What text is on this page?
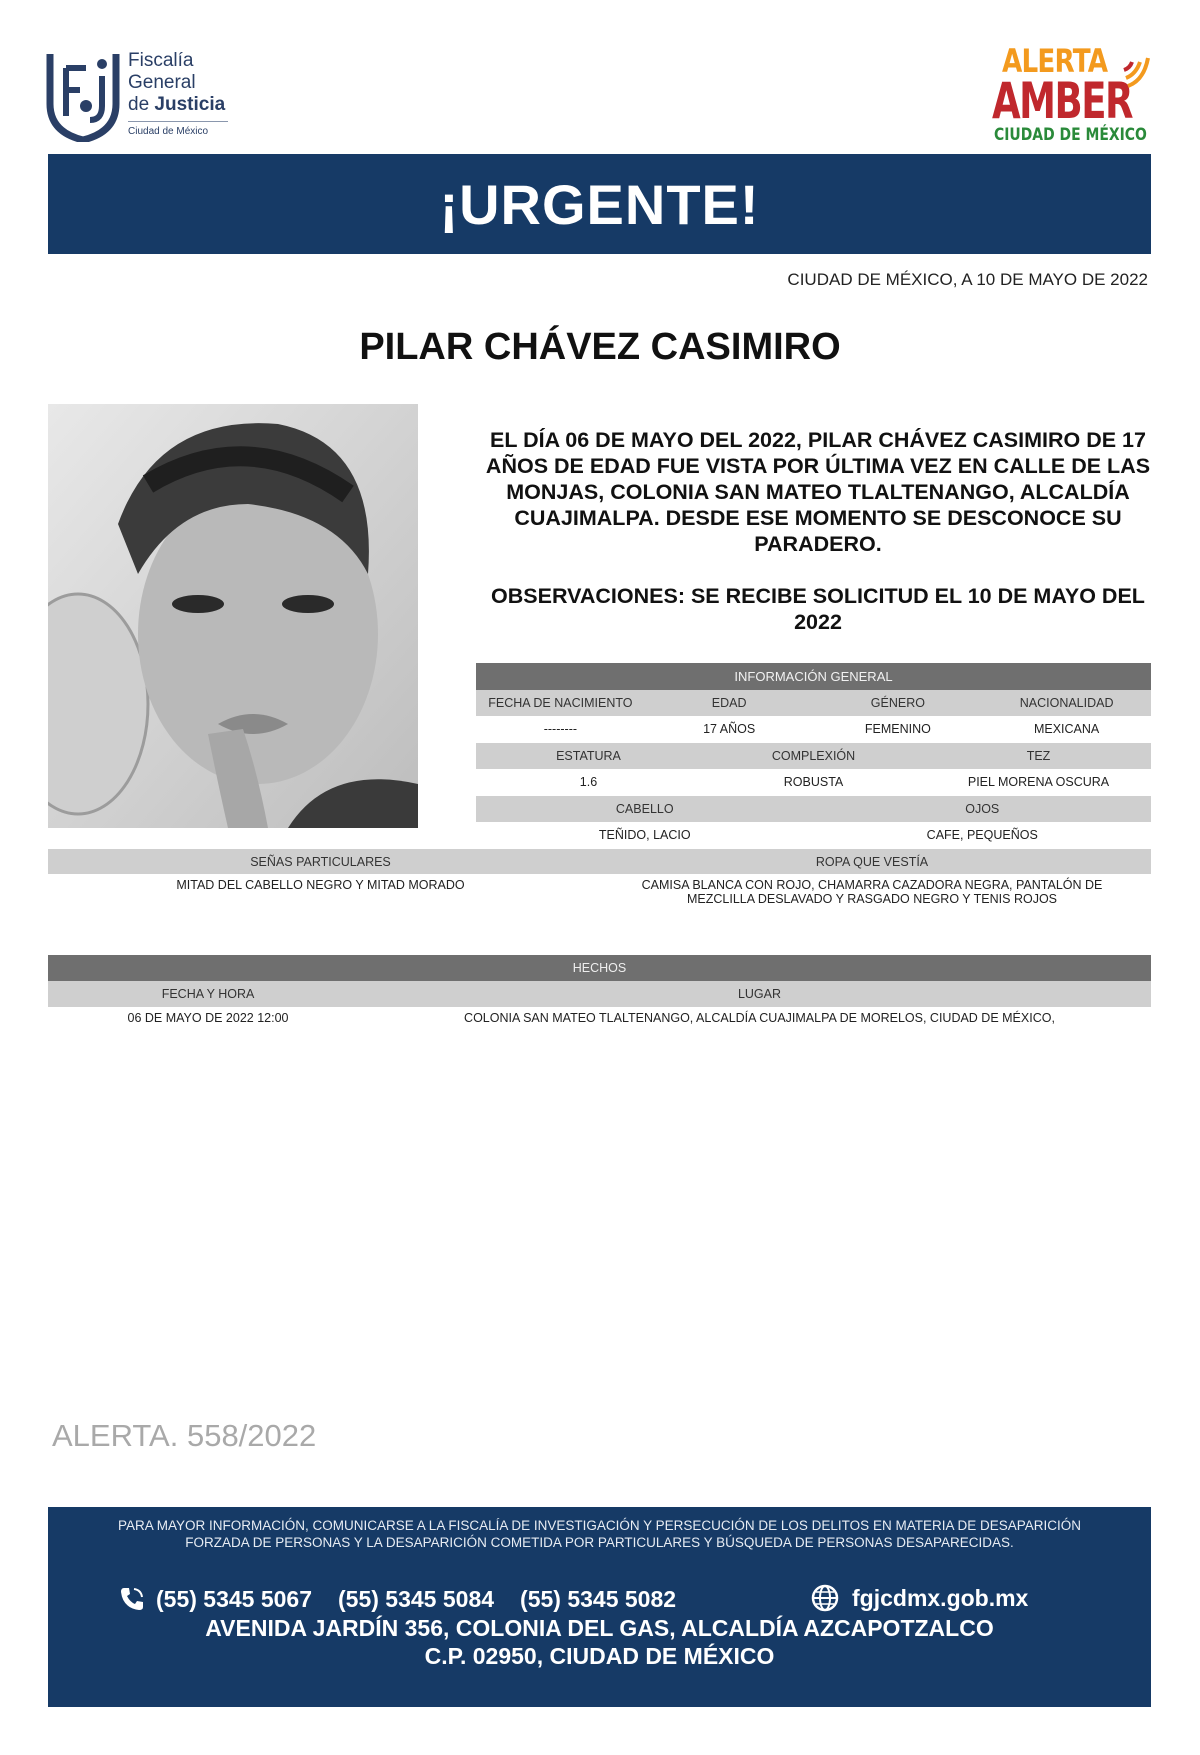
Fiscalía
General
de Justicia
Ciudad de México
ALERTA
AMBER
CIUDAD DE MÉXICO
¡URGENTE!
CIUDAD DE MÉXICO, A 10 DE MAYO DE 2022
PILAR CHÁVEZ CASIMIRO
EL DÍA 06 DE MAYO DEL 2022, PILAR CHÁVEZ CASIMIRO DE 17 AÑOS DE EDAD FUE VISTA POR ÚLTIMA VEZ EN CALLE DE LAS MONJAS, COLONIA SAN MATEO TLALTENANGO, ALCALDÍA CUAJIMALPA. DESDE ESE MOMENTO SE DESCONOCE SU PARADERO.
OBSERVACIONES: SE RECIBE SOLICITUD EL 10 DE MAYO DEL 2022
INFORMACIÓN GENERAL
FECHA DE NACIMIENTO	EDAD	GÉNERO	NACIONALIDAD
--------	17 AÑOS	FEMENINO	MEXICANA
ESTATURA	COMPLEXIÓN	TEZ
1.6	ROBUSTA	PIEL MORENA OSCURA
CABELLO	OJOS
TEÑIDO, LACIO	CAFE, PEQUEÑOS
SEÑAS PARTICULARES	ROPA QUE VESTÍA
MITAD DEL CABELLO NEGRO Y MITAD MORADO	CAMISA BLANCA CON ROJO, CHAMARRA CAZADORA NEGRA, PANTALÓN DE MEZCLILLA DESLAVADO Y RASGADO NEGRO Y TENIS ROJOS
HECHOS
FECHA Y HORA	LUGAR
06 DE MAYO DE 2022 12:00	COLONIA SAN MATEO TLALTENANGO, ALCALDÍA CUAJIMALPA DE MORELOS, CIUDAD DE MÉXICO,
ALERTA. 558/2022
PARA MAYOR INFORMACIÓN, COMUNICARSE A LA FISCALÍA DE INVESTIGACIÓN Y PERSECUCIÓN DE LOS DELITOS EN MATERIA DE DESAPARICIÓN
FORZADA DE PERSONAS Y LA DESAPARICIÓN COMETIDA POR PARTICULARES Y BÚSQUEDA DE PERSONAS DESAPARECIDAS.
(55) 5345 5067 (55) 5345 5084 (55) 5345 5082	fgjcdmx.gob.mx
AVENIDA JARDÍN 356, COLONIA DEL GAS, ALCALDÍA AZCAPOTZALCO
C.P. 02950, CIUDAD DE MÉXICO
